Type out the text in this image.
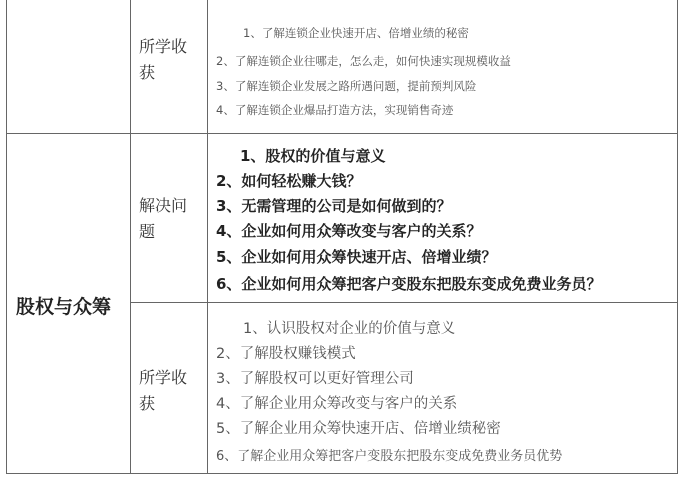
所学收获
1、了解连锁企业快速开店、倍增业绩的秘密
2、了解连锁企业往哪走，怎么走，如何快速实现规模收益
3、了解连锁企业发展之路所遇问题，提前预判风险
4、了解连锁企业爆品打造方法，实现销售奇迹
股权与众筹
解决问题
1、股权的价值与意义
2、如何轻松赚大钱？
3、无需管理的公司是如何做到的？
4、企业如何用众筹改变与客户的关系？
5、企业如何用众筹快速开店、倍增业绩？
6、企业如何用众筹把客户变股东把股东变成免费业务员？
所学收获
1、认识股权对企业的价值与意义
2、了解股权赚钱模式
3、了解股权可以更好管理公司
4、了解企业用众筹改变与客户的关系
5、了解企业用众筹快速开店、倍增业绩秘密
6、了解企业用众筹把客户变股东把股东变成免费业务员优势
